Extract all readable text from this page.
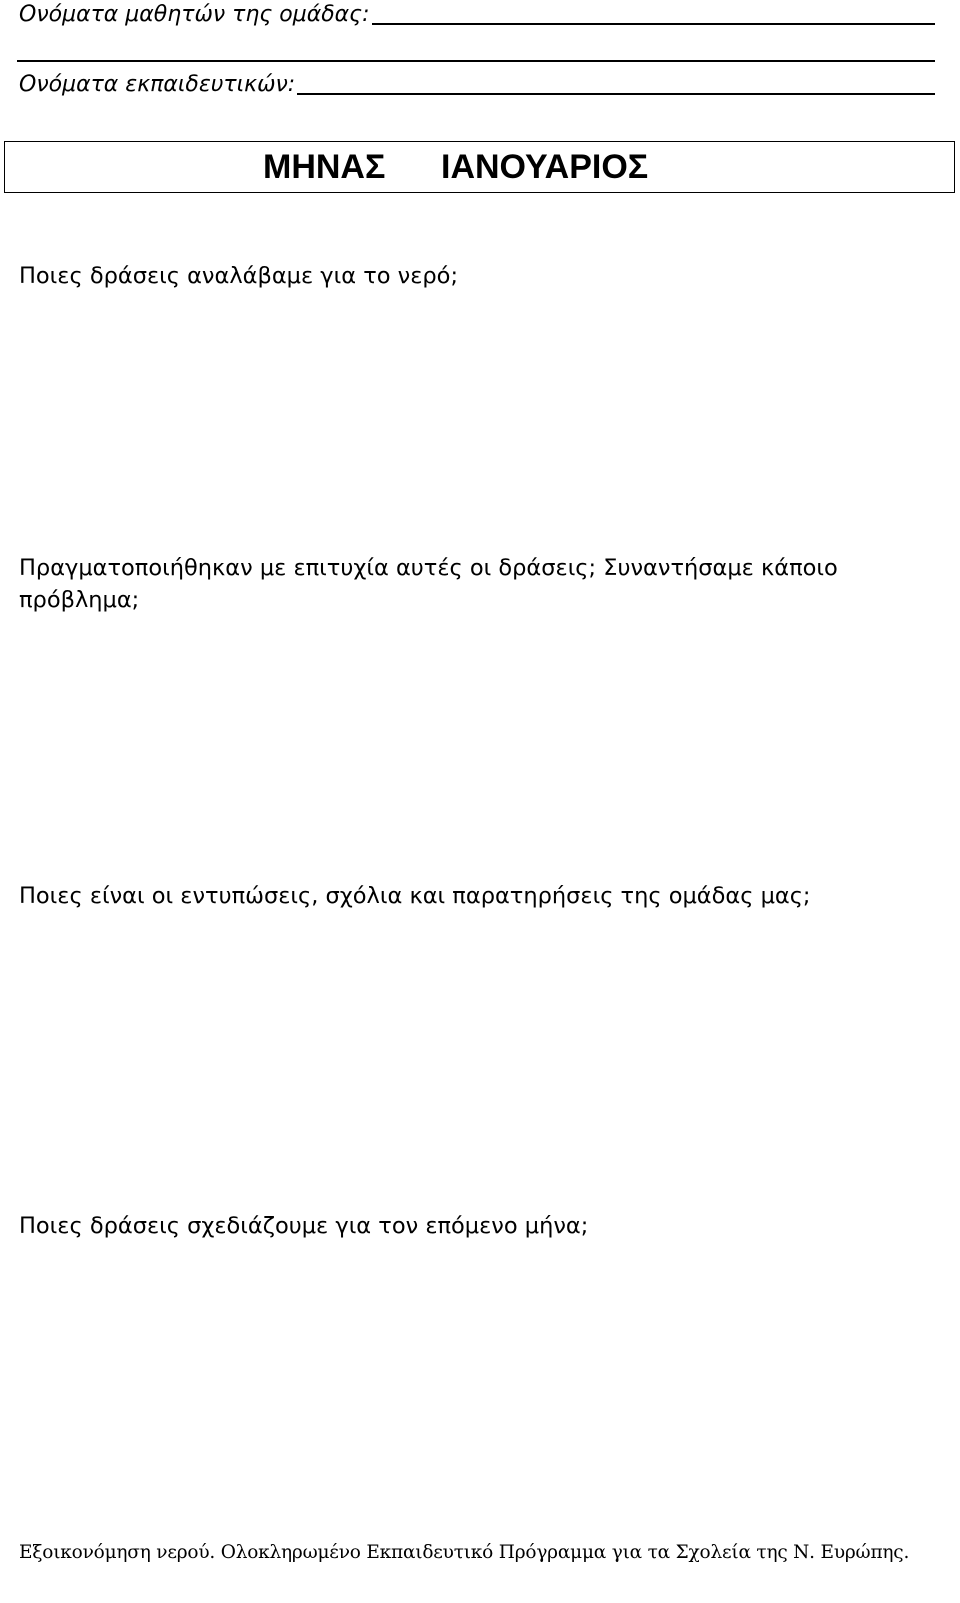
Ονόματα μαθητών της ομάδας:
Ονόματα εκπαιδευτικών:
ΜΗΝΑΣ ΙΑΝΟΥΑΡΙΟΣ
Ποιες δράσεις αναλάβαμε για το νερό;
Πραγματοποιήθηκαν με επιτυχία αυτές οι δράσεις; Συναντήσαμε κάποιο πρόβλημα;
Ποιες είναι οι εντυπώσεις, σχόλια και παρατηρήσεις της ομάδας μας;
Ποιες δράσεις σχεδιάζουμε για τον επόμενο μήνα;
Εξοικονόμηση νερού. Ολοκληρωμένο Εκπαιδευτικό Πρόγραμμα για τα Σχολεία της Ν. Ευρώπης.
